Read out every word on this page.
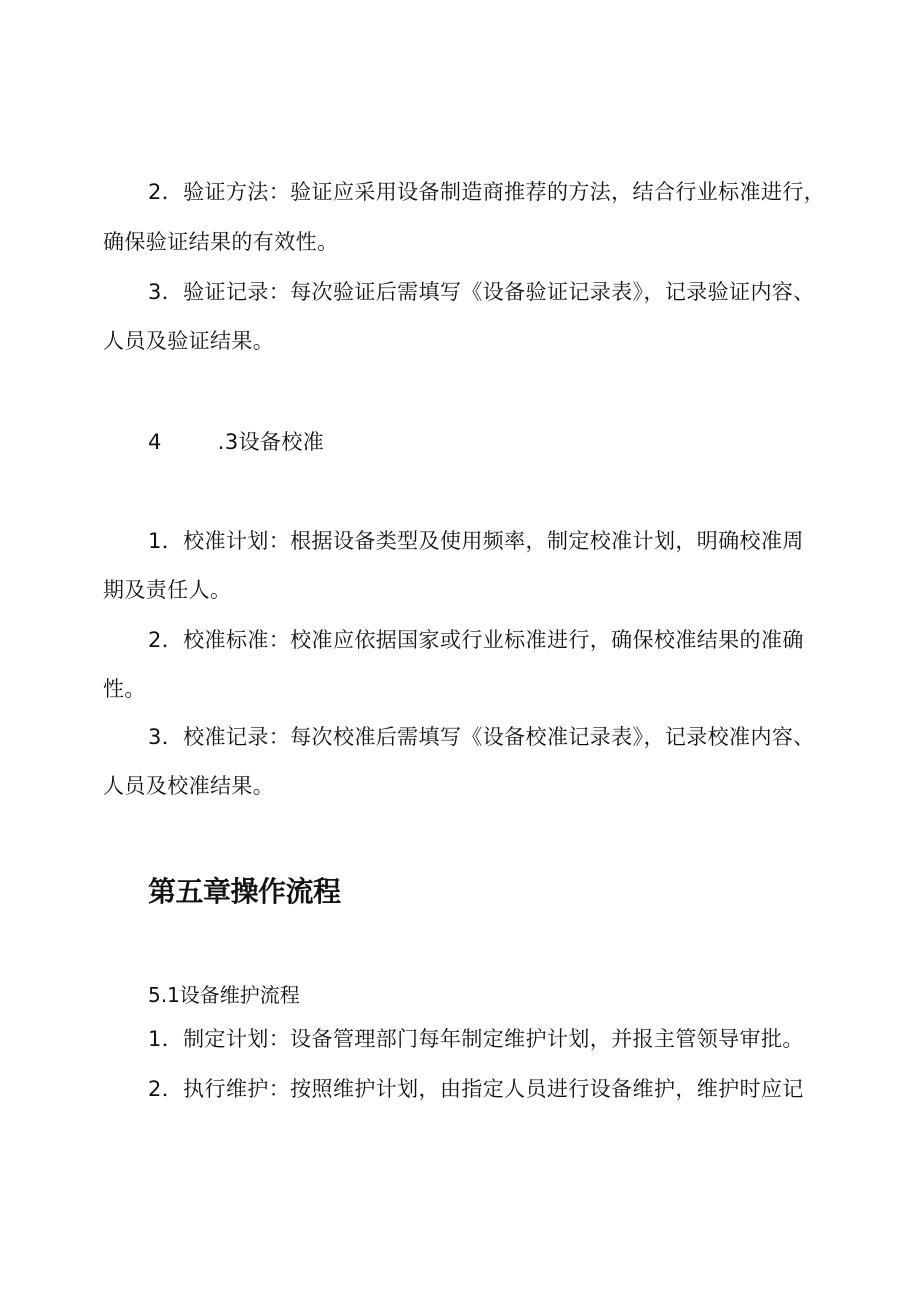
2．验证方法：验证应采用设备制造商推荐的方法，结合行业标准进行，
确保验证结果的有效性。
3．验证记录：每次验证后需填写《设备验证记录表》，记录验证内容、
人员及验证结果。
4	.3设备校准
1．校准计划：根据设备类型及使用频率，制定校准计划，明确校准周
期及责任人。
2．校准标准：校准应依据国家或行业标准进行，确保校准结果的准确
性。
3．校准记录：每次校准后需填写《设备校准记录表》，记录校准内容、
人员及校准结果。
第五章操作流程
5.1设备维护流程
1．制定计划：设备管理部门每年制定维护计划，并报主管领导审批。
2．执行维护：按照维护计划，由指定人员进行设备维护，维护时应记
